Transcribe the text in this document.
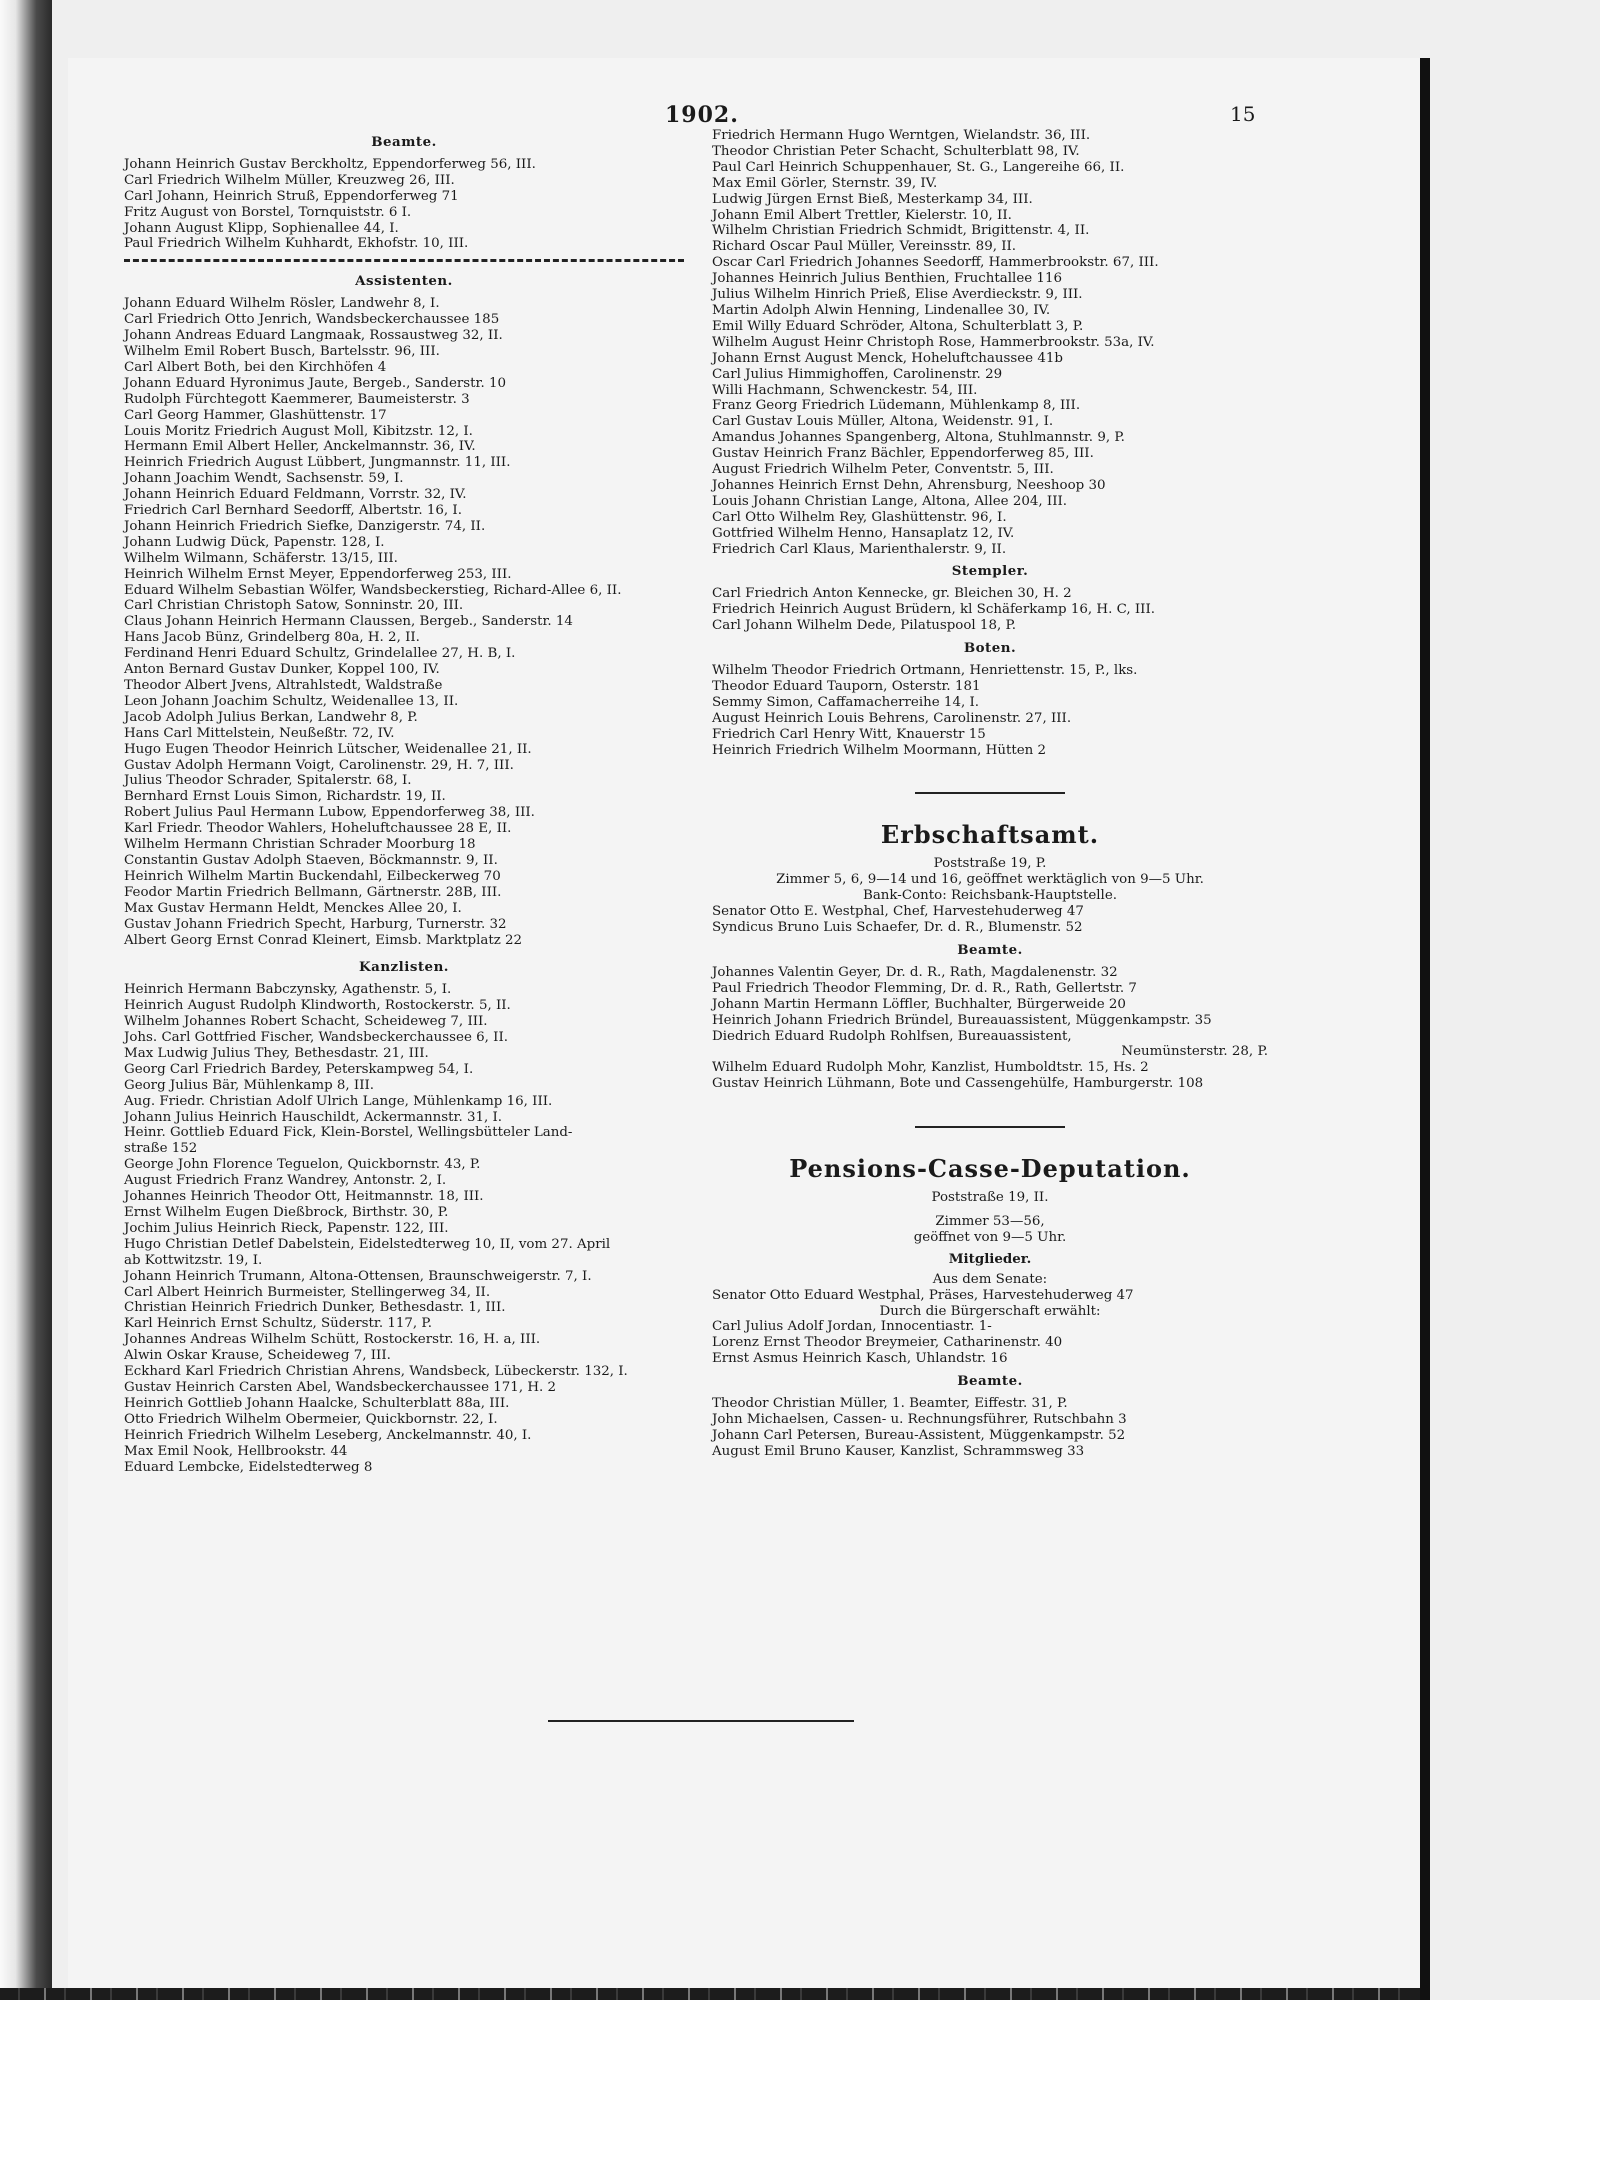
1902.	15
Beamte.
Johann Heinrich Gustav Berckholtz, Eppendorferweg 56, III.
Carl Friedrich Wilhelm Müller, Kreuzweg 26, III.
Carl Johann, Heinrich Struß, Eppendorferweg 71
Fritz August von Borstel, Tornquiststr. 6 I.
Johann August Klipp, Sophienallee 44, I.
Paul Friedrich Wilhelm Kuhhardt, Ekhofstr. 10, III.
Assistenten.
Johann Eduard Wilhelm Rösler, Landwehr 8, I.
Carl Friedrich Otto Jenrich, Wandsbeckerchaussee 185
Johann Andreas Eduard Langmaak, Rossaustweg 32, II.
Wilhelm Emil Robert Busch, Bartelsstr. 96, III.
Carl Albert Both, bei den Kirchhöfen 4
Johann Eduard Hyronimus Jaute, Bergeb., Sanderstr. 10
Rudolph Fürchtegott Kaemmerer, Baumeisterstr. 3
Carl Georg Hammer, Glashüttenstr. 17
Louis Moritz Friedrich August Moll, Kibitzstr. 12, I.
Hermann Emil Albert Heller, Anckelmannstr. 36, IV.
Heinrich Friedrich August Lübbert, Jungmannstr. 11, III.
Johann Joachim Wendt, Sachsenstr. 59, I.
Johann Heinrich Eduard Feldmann, Vorrstr. 32, IV.
Friedrich Carl Bernhard Seedorff, Albertstr. 16, I.
Johann Heinrich Friedrich Siefke, Danzigerstr. 74, II.
Johann Ludwig Dück, Papenstr. 128, I.
Wilhelm Wilmann, Schäferstr. 13/15, III.
Heinrich Wilhelm Ernst Meyer, Eppendorferweg 253, III.
Eduard Wilhelm Sebastian Wölfer, Wandsbeckerstieg, Richard-Allee 6, II.
Carl Christian Christoph Satow, Sonninstr. 20, III.
Claus Johann Heinrich Hermann Claussen, Bergeb., Sanderstr. 14
Hans Jacob Bünz, Grindelberg 80a, H. 2, II.
Ferdinand Henri Eduard Schultz, Grindelallee 27, H. B, I.
Anton Bernard Gustav Dunker, Koppel 100, IV.
Theodor Albert Jvens, Altrahlstedt, Waldstraße
Leon Johann Joachim Schultz, Weidenallee 13, II.
Jacob Adolph Julius Berkan, Landwehr 8, P.
Hans Carl Mittelstein, Neußeßtr. 72, IV.
Hugo Eugen Theodor Heinrich Lütscher, Weidenallee 21, II.
Gustav Adolph Hermann Voigt, Carolinenstr. 29, H. 7, III.
Julius Theodor Schrader, Spitalerstr. 68, I.
Bernhard Ernst Louis Simon, Richardstr. 19, II.
Robert Julius Paul Hermann Lubow, Eppendorferweg 38, III.
Karl Friedr. Theodor Wahlers, Hoheluftchaussee 28 E, II.
Wilhelm Hermann Christian Schrader Moorburg 18
Constantin Gustav Adolph Staeven, Böckmannstr. 9, II.
Heinrich Wilhelm Martin Buckendahl, Eilbeckerweg 70
Feodor Martin Friedrich Bellmann, Gärtnerstr. 28B, III.
Max Gustav Hermann Heldt, Menckes Allee 20, I.
Gustav Johann Friedrich Specht, Harburg, Turnerstr. 32
Albert Georg Ernst Conrad Kleinert, Eimsb. Marktplatz 22
Kanzlisten.
Heinrich Hermann Babczynsky, Agathenstr. 5, I.
Heinrich August Rudolph Klindworth, Rostockerstr. 5, II.
Wilhelm Johannes Robert Schacht, Scheideweg 7, III.
Johs. Carl Gottfried Fischer, Wandsbeckerchaussee 6, II.
Max Ludwig Julius They, Bethesdastr. 21, III.
Georg Carl Friedrich Bardey, Peterskampweg 54, I.
Georg Julius Bär, Mühlenkamp 8, III.
Aug. Friedr. Christian Adolf Ulrich Lange, Mühlenkamp 16, III.
Johann Julius Heinrich Hauschildt, Ackermannstr. 31, I.
Heinr. Gottlieb Eduard Fick, Klein-Borstel, Wellingsbütteler Land-
straße 152
George John Florence Teguelon, Quickbornstr. 43, P.
August Friedrich Franz Wandrey, Antonstr. 2, I.
Johannes Heinrich Theodor Ott, Heitmannstr. 18, III.
Ernst Wilhelm Eugen Dießbrock, Birthstr. 30, P.
Jochim Julius Heinrich Rieck, Papenstr. 122, III.
Hugo Christian Detlef Dabelstein, Eidelstedterweg 10, II, vom 27. April
ab Kottwitzstr. 19, I.
Johann Heinrich Trumann, Altona-Ottensen, Braunschweigerstr. 7, I.
Carl Albert Heinrich Burmeister, Stellingerweg 34, II.
Christian Heinrich Friedrich Dunker, Bethesdastr. 1, III.
Karl Heinrich Ernst Schultz, Süderstr. 117, P.
Johannes Andreas Wilhelm Schütt, Rostockerstr. 16, H. a, III.
Alwin Oskar Krause, Scheideweg 7, III.
Eckhard Karl Friedrich Christian Ahrens, Wandsbeck, Lübeckerstr. 132, I.
Gustav Heinrich Carsten Abel, Wandsbeckerchaussee 171, H. 2
Heinrich Gottlieb Johann Haalcke, Schulterblatt 88a, III.
Otto Friedrich Wilhelm Obermeier, Quickbornstr. 22, I.
Heinrich Friedrich Wilhelm Leseberg, Anckelmannstr. 40, I.
Max Emil Nook, Hellbrookstr. 44
Eduard Lembcke, Eidelstedterweg 8
Friedrich Hermann Hugo Werntgen, Wielandstr. 36, III.
Theodor Christian Peter Schacht, Schulterblatt 98, IV.
Paul Carl Heinrich Schuppenhauer, St. G., Langereihe 66, II.
Max Emil Görler, Sternstr. 39, IV.
Ludwig Jürgen Ernst Bieß, Mesterkamp 34, III.
Johann Emil Albert Trettler, Kielerstr. 10, II.
Wilhelm Christian Friedrich Schmidt, Brigittenstr. 4, II.
Richard Oscar Paul Müller, Vereinsstr. 89, II.
Oscar Carl Friedrich Johannes Seedorff, Hammerbrookstr. 67, III.
Johannes Heinrich Julius Benthien, Fruchtallee 116
Julius Wilhelm Hinrich Prieß, Elise Averdieckstr. 9, III.
Martin Adolph Alwin Henning, Lindenallee 30, IV.
Emil Willy Eduard Schröder, Altona, Schulterblatt 3, P.
Wilhelm August Heinr Christoph Rose, Hammerbrookstr. 53a, IV.
Johann Ernst August Menck, Hoheluftchaussee 41b
Carl Julius Himmighoffen, Carolinenstr. 29
Willi Hachmann, Schwenckestr. 54, III.
Franz Georg Friedrich Lüdemann, Mühlenkamp 8, III.
Carl Gustav Louis Müller, Altona, Weidenstr. 91, I.
Amandus Johannes Spangenberg, Altona, Stuhlmannstr. 9, P.
Gustav Heinrich Franz Bächler, Eppendorferweg 85, III.
August Friedrich Wilhelm Peter, Conventstr. 5, III.
Johannes Heinrich Ernst Dehn, Ahrensburg, Neeshoop 30
Louis Johann Christian Lange, Altona, Allee 204, III.
Carl Otto Wilhelm Rey, Glashüttenstr. 96, I.
Gottfried Wilhelm Henno, Hansaplatz 12, IV.
Friedrich Carl Klaus, Marienthalerstr. 9, II.
Stempler.
Carl Friedrich Anton Kennecke, gr. Bleichen 30, H. 2
Friedrich Heinrich August Brüdern, kl Schäferkamp 16, H. C, III.
Carl Johann Wilhelm Dede, Pilatuspool 18, P.
Boten.
Wilhelm Theodor Friedrich Ortmann, Henriettenstr. 15, P., lks.
Theodor Eduard Tauporn, Osterstr. 181
Semmy Simon, Caffamacherreihe 14, I.
August Heinrich Louis Behrens, Carolinenstr. 27, III.
Friedrich Carl Henry Witt, Knauerstr 15
Heinrich Friedrich Wilhelm Moormann, Hütten 2
Erbschaftsamt.
Poststraße 19, P.
Zimmer 5, 6, 9—14 und 16, geöffnet werktäglich von 9—5 Uhr.
Bank-Conto: Reichsbank-Hauptstelle.
Senator Otto E. Westphal, Chef, Harvestehuderweg 47
Syndicus Bruno Luis Schaefer, Dr. d. R., Blumenstr. 52
Beamte.
Johannes Valentin Geyer, Dr. d. R., Rath, Magdalenenstr. 32
Paul Friedrich Theodor Flemming, Dr. d. R., Rath, Gellertstr. 7
Johann Martin Hermann Löffler, Buchhalter, Bürgerweide 20
Heinrich Johann Friedrich Bründel, Bureauassistent, Müggenkampstr. 35
Diedrich Eduard Rudolph Rohlfsen, Bureauassistent,
Neumünsterstr. 28, P.
Wilhelm Eduard Rudolph Mohr, Kanzlist, Humboldtstr. 15, Hs. 2
Gustav Heinrich Lühmann, Bote und Cassengehülfe, Hamburgerstr. 108
Pensions-Casse-Deputation.
Poststraße 19, II.
Zimmer 53—56,
geöffnet von 9—5 Uhr.
Mitglieder.
Aus dem Senate:
Senator Otto Eduard Westphal, Präses, Harvestehuderweg 47
Durch die Bürgerschaft erwählt:
Carl Julius Adolf Jordan, Innocentiastr. 1-
Lorenz Ernst Theodor Breymeier, Catharinenstr. 40
Ernst Asmus Heinrich Kasch, Uhlandstr. 16
Beamte.
Theodor Christian Müller, 1. Beamter, Eiffestr. 31, P.
John Michaelsen, Cassen- u. Rechnungsführer, Rutschbahn 3
Johann Carl Petersen, Bureau-Assistent, Müggenkampstr. 52
August Emil Bruno Kauser, Kanzlist, Schrammsweg 33
